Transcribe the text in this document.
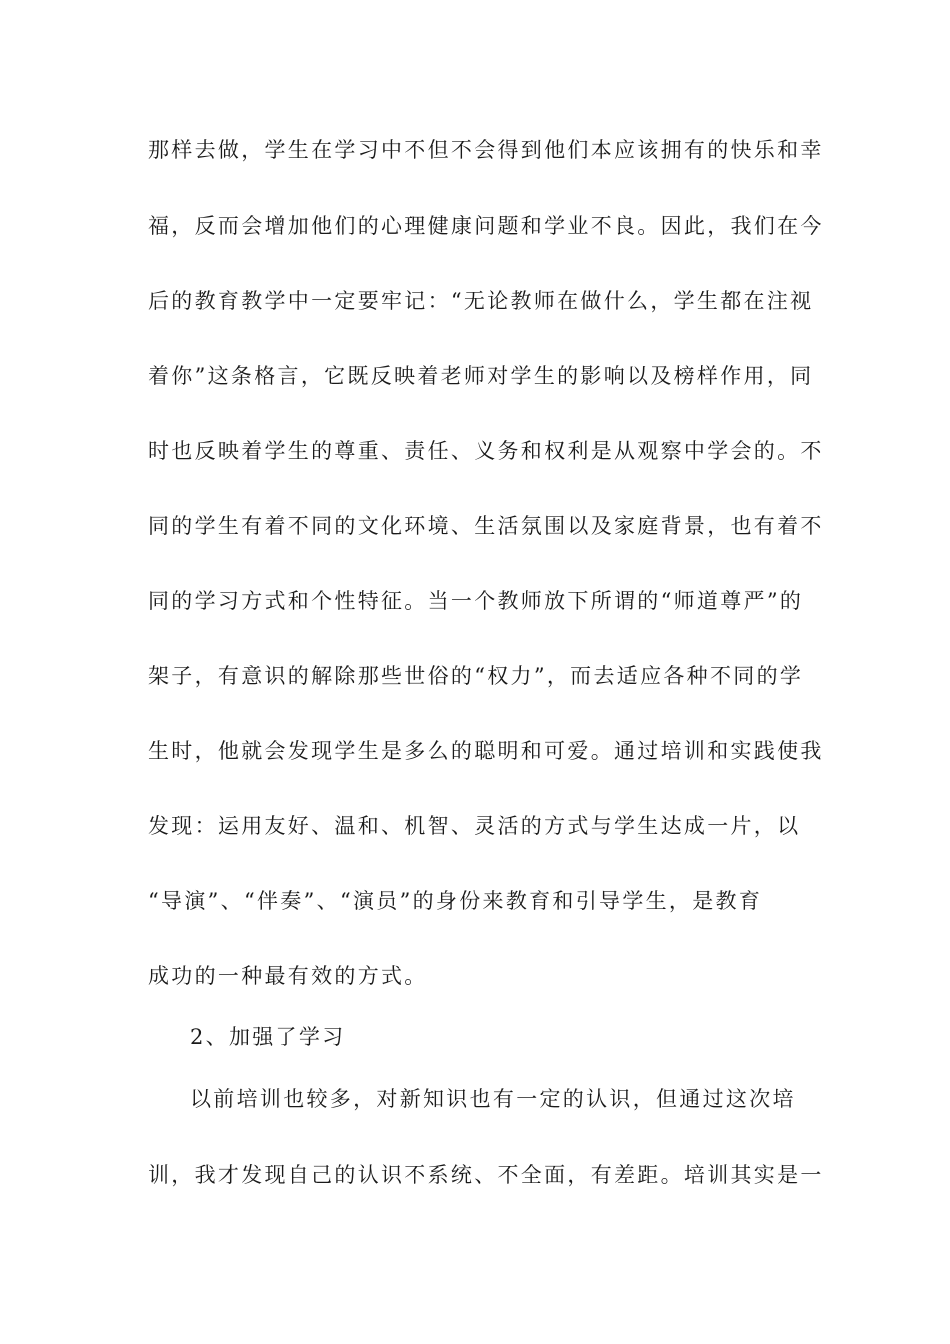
那样去做，学生在学习中不但不会得到他们本应该拥有的快乐和幸
福，反而会增加他们的心理健康问题和学业不良。因此，我们在今
后的教育教学中一定要牢记：“无论教师在做什么，学生都在注视
着你”这条格言，它既反映着老师对学生的影响以及榜样作用，同
时也反映着学生的尊重、责任、义务和权利是从观察中学会的。不
同的学生有着不同的文化环境、生活氛围以及家庭背景，也有着不
同的学习方式和个性特征。当一个教师放下所谓的“师道尊严”的
架子，有意识的解除那些世俗的“权力”，而去适应各种不同的学
生时，他就会发现学生是多么的聪明和可爱。通过培训和实践使我
发现：运用友好、温和、机智、灵活的方式与学生达成一片，以
“导演”、“伴奏”、“演员”的身份来教育和引导学生，是教育
成功的一种最有效的方式。
2、加强了学习
以前培训也较多，对新知识也有一定的认识，但通过这次培
训，我才发现自己的认识不系统、不全面，有差距。培训其实是一
